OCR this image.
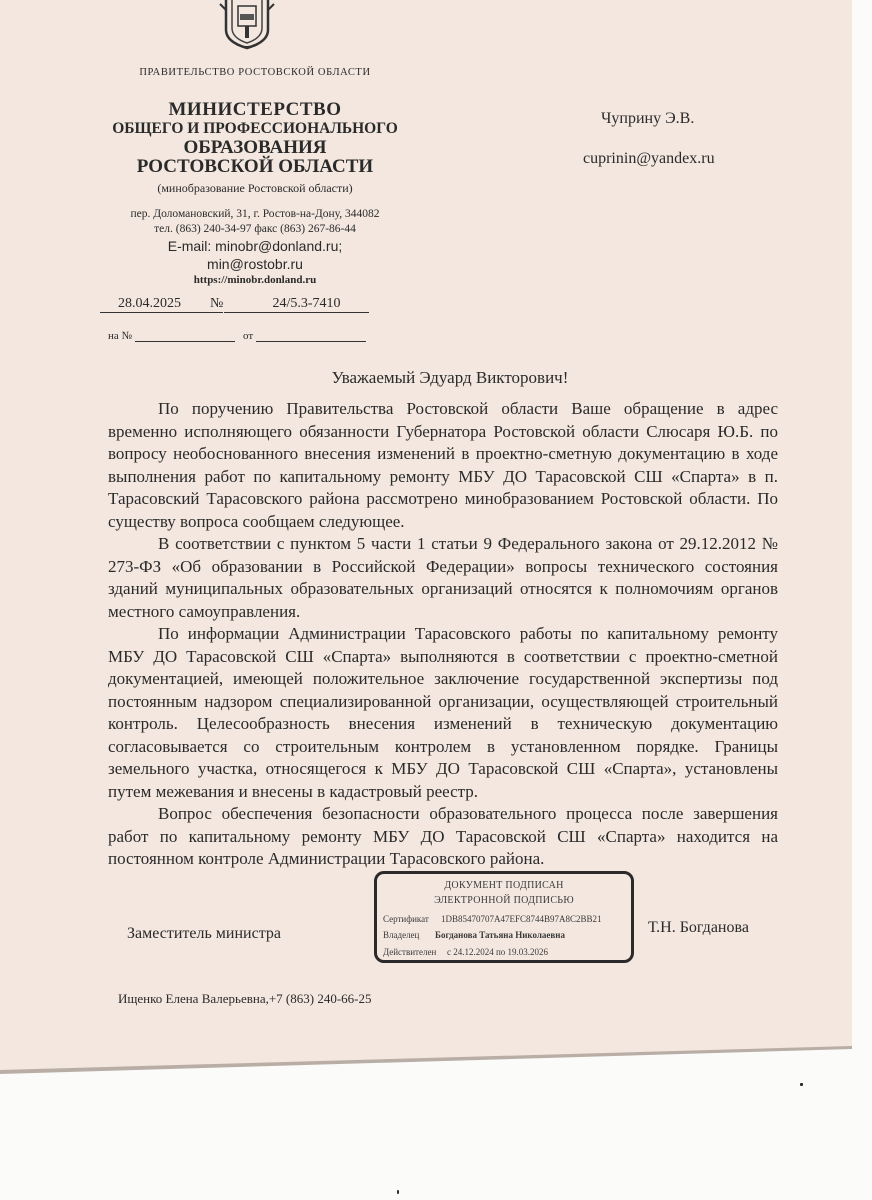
ПРАВИТЕЛЬСТВО РОСТОВСКОЙ ОБЛАСТИ
МИНИСТЕРСТВО
ОБЩЕГО И ПРОФЕССИОНАЛЬНОГО
ОБРАЗОВАНИЯ
РОСТОВСКОЙ ОБЛАСТИ
(минобразование Ростовской области)
пер. Доломановский, 31, г. Ростов-на-Дону, 344082
тел. (863) 240-34-97 факс (863) 267-86-44
E-mail: minobr@donland.ru;
min@rostobr.ru
https://minobr.donland.ru
28.04.2025	№	24/5.3-7410
на №	от
Чуприну Э.В.
cuprinin@yandex.ru
Уважаемый Эдуард Викторович!

По поручению Правительства Ростовской области Ваше обращение в адрес временно исполняющего обязанности Губернатора Ростовской области Слюсаря Ю.Б. по вопросу необоснованного внесения изменений в проектно-сметную документацию в ходе выполнения работ по капитальному ремонту МБУ ДО Тарасовской СШ «Спарта» в п. Тарасовский Тарасовского района рассмотрено минобразованием Ростовской области. По существу вопроса сообщаем следующее.

В соответствии с пунктом 5 части 1 статьи 9 Федерального закона от 29.12.2012 № 273-ФЗ «Об образовании в Российской Федерации» вопросы технического состояния зданий муниципальных образовательных организаций относятся к полномочиям органов местного самоуправления.

По информации Администрации Тарасовского работы по капитальному ремонту МБУ ДО Тарасовской СШ «Спарта» выполняются в соответствии с проектно-сметной документацией, имеющей положительное заключение государственной экспертизы под постоянным надзором специализированной организации, осуществляющей строительный контроль. Целесообразность внесения изменений в техническую документацию согласовывается со строительным контролем в установленном порядке. Границы земельного участка, относящегося к МБУ ДО Тарасовской СШ «Спарта», установлены путем межевания и внесены в кадастровый реестр.

Вопрос обеспечения безопасности образовательного процесса после завершения работ по капитальному ремонту МБУ ДО Тарасовской СШ «Спарта» находится на постоянном контроле Администрации Тарасовского района.

Заместитель министра
ДОКУМЕНТ ПОДПИСАН
ЭЛЕКТРОННОЙ ПОДПИСЬЮ
Сертификат 1DB85470707A47EFC8744B97A8C2BB21
Владелец Богданова Татьяна Николаевна
Действителен с 24.12.2024 по 19.03.2026
Т.Н. Богданова
Ищенко Елена Валерьевна,+7 (863) 240-66-25
